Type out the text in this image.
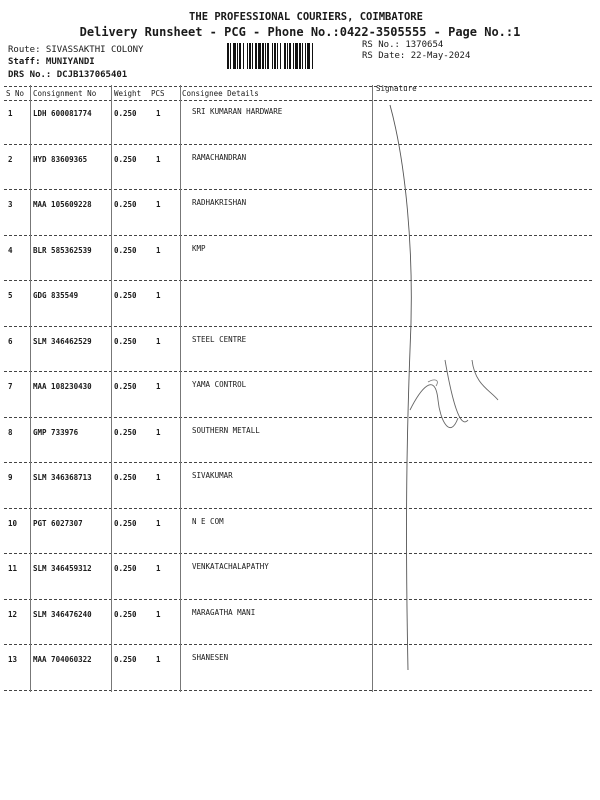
THE PROFESSIONAL COURIERS, COIMBATORE
Delivery Runsheet - PCG - Phone No.:0422-3505555 - Page No.:1
Route: SIVASSAKTHI COLONY
Staff: MUNIYANDI
DRS No.: DCJB137065401
RS No.: 1370654
RS Date: 22-May-2024
S No Consignment No Weight PCS Consignee Details
Signature
1	LDH 600081774	0.250	1	SRI KUMARAN HARDWARE
2	HYD 83609365	0.250	1	RAMACHANDRAN
3	MAA 105609228	0.250	1	RADHAKRISHAN
4	BLR 585362539	0.250	1	KMP
5	GDG 835549	0.250	1
6	SLM 346462529	0.250	1	STEEL CENTRE
7	MAA 108230430	0.250	1	YAMA CONTROL
8	GMP 733976	0.250	1	SOUTHERN METALL
9	SLM 346368713	0.250	1	SIVAKUMAR
10 PGT 6027307	0.250	1	N E COM
11 SLM 346459312	0.250	1	VENKATACHALAPATHY
12 SLM 346476240	0.250	1	MARAGATHA MANI
13 MAA 704060322	0.250	1	SHANESEN
